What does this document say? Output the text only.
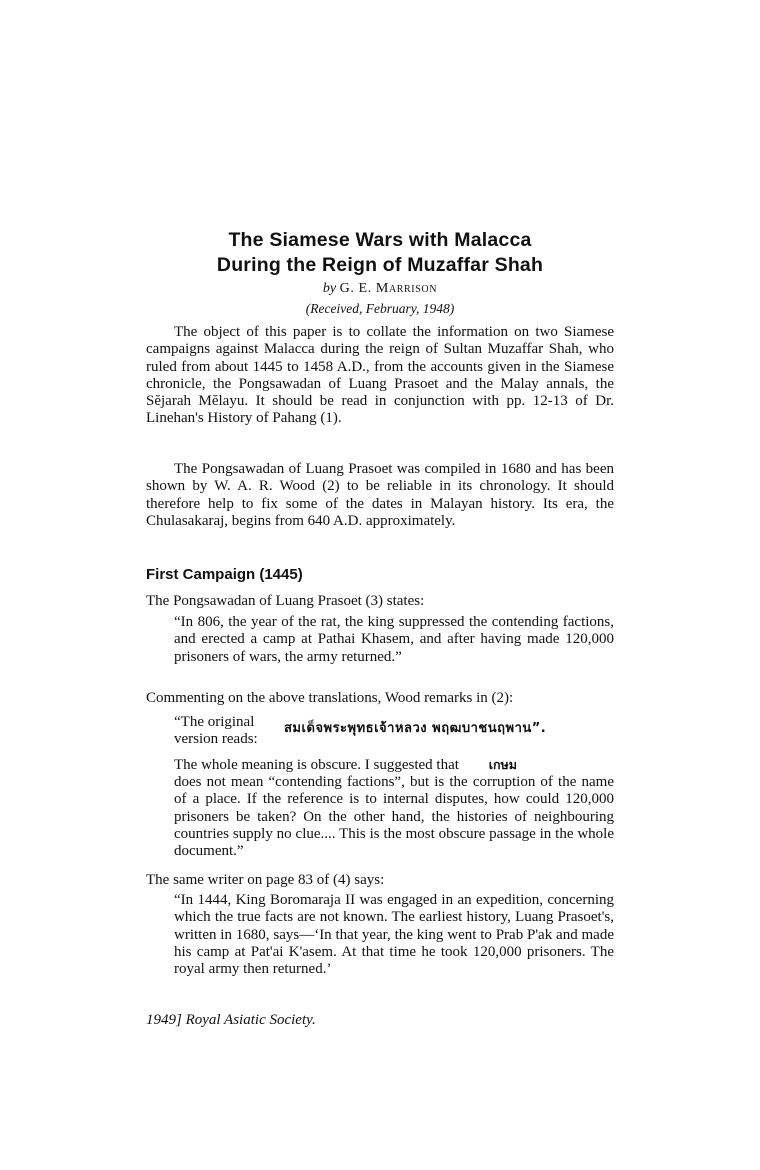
The Siamese Wars with Malacca
During the Reign of Muzaffar Shah
by G. E. Marrison
(Received, February, 1948)

The object of this paper is to collate the information on two Siamese campaigns against Malacca during the reign of Sultan Muzaffar Shah, who ruled from about 1445 to 1458 A.D., from the accounts given in the Siamese chronicle, the Pongsawadan of Luang Prasoet and the Malay annals, the Sĕjarah Mĕlayu. It should be read in conjunction with pp. 12-13 of Dr. Linehan's History of Pahang (1).

The Pongsawadan of Luang Prasoet was compiled in 1680 and has been shown by W. A. R. Wood (2) to be reliable in its chronology. It should therefore help to fix some of the dates in Malayan history. Its era, the Chulasakaraj, begins from 640 A.D. approximately.

First Campaign (1445)
The Pongsawadan of Luang Prasoet (3) states:

“In 806, the year of the rat, the king suppressed the contending factions, and erected a camp at Pathai Khasem, and after having made 120,000 prisoners of wars, the army returned.”

Commenting on the above translations, Wood remarks in (2):
“The original
version reads:
สมเด็จพระพุทธเจ้าหลวง พฤฒบาชนฤพาน”.
The whole meaning is obscure. I suggested that เกษม

does not mean “contending factions”, but is the corruption of the name of a place. If the reference is to internal disputes, how could 120,000 prisoners be taken? On the other hand, the histories of neighbouring countries supply no clue.... This is the most obscure passage in the whole document.”

The same writer on page 83 of (4) says:

“In 1444, King Boromaraja II was engaged in an expedition, concerning which the true facts are not known. The earliest history, Luang Prasoet's, written in 1680, says—‘In that year, the king went to Prab P'ak and made his camp at Pat'ai K'asem. At that time he took 120,000 prisoners. The royal army then returned.’

1949] Royal Asiatic Society.
